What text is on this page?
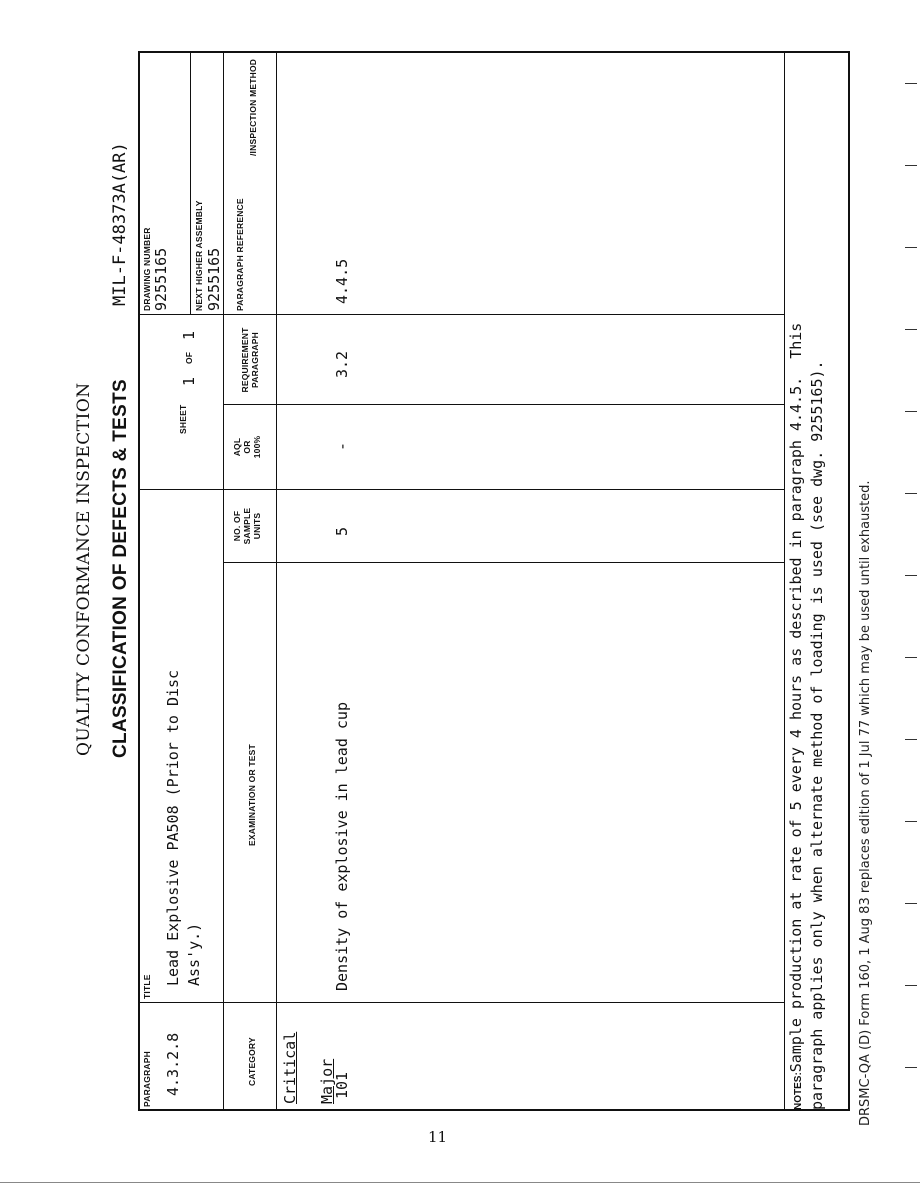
QUALITY CONFORMANCE INSPECTION CLASSIFICATION OF DEFECTS & TESTS
MIL-F-48373A(AR)
PARAGRAPH 4.3.2.8
TITLE
Lead Explosive PA508 (Prior to Disc Ass'y.)
SHEET
1
OF
1
DRAWING NUMBER 9255165	NEXT HIGHER ASSEMBLY 9255165
CATEGORY
EXAMINATION OR TEST
NO. OF SAMPLE UNITS
AQL OR 100%
REQUIREMENT PARAGRAPH
PARAGRAPH REFERENCE
/INSPECTION METHOD
Critical Major
101
Density of explosive in lead cup
5
-
3.2
4.4.5
NOTES:Sample production at rate of 5 every 4 hours as described in paragraph 4.4.5.  This paragraph applies only when alternate method of loading is used (see dwg. 9255165). DRSMC-QA (D) Form 160, 1 Aug 83 replaces edition of 1 Jul 77 which may be used until exhausted.
11
